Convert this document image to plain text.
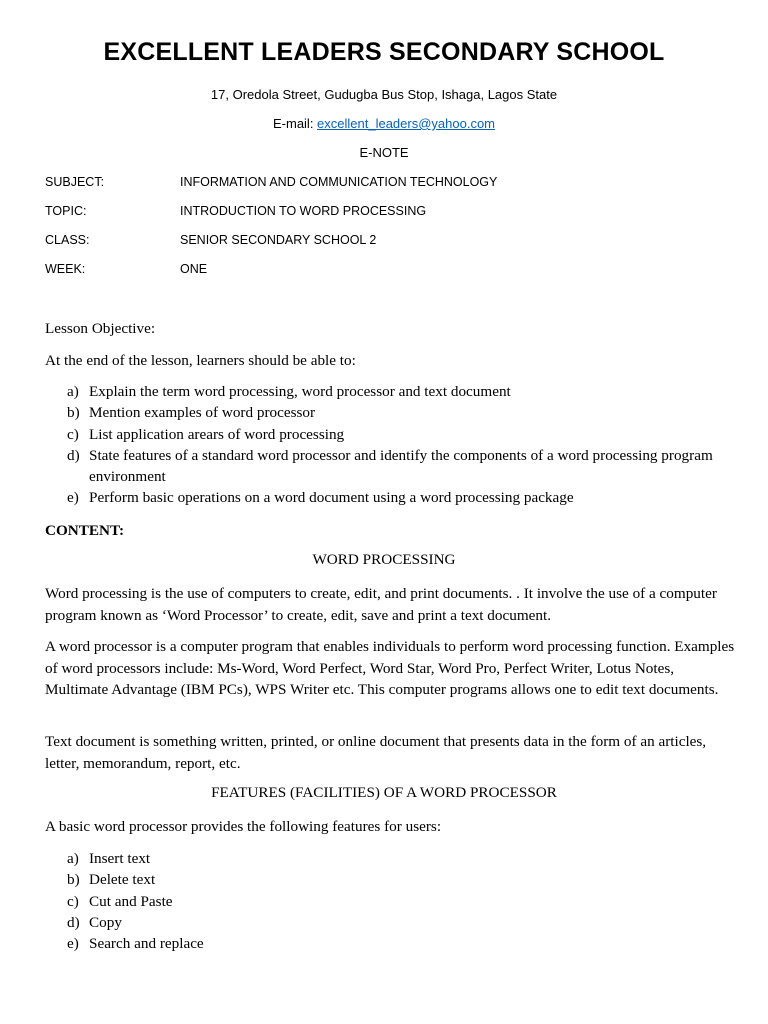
EXCELLENT LEADERS SECONDARY SCHOOL
17, Oredola Street, Gudugba Bus Stop, Ishaga, Lagos State
E-mail: excellent_leaders@yahoo.com
E-NOTE
SUBJECT:	INFORMATION AND COMMUNICATION TECHNOLOGY
TOPIC:	INTRODUCTION TO WORD PROCESSING
CLASS:	SENIOR SECONDARY SCHOOL 2
WEEK:	ONE
Lesson Objective:
At the end of the lesson, learners should be able to:
a) Explain the term word processing, word processor and text document
b) Mention examples of word processor
c) List application arears of word processing
d) State features of a standard word processor and identify the components of a word processing program environment
e) Perform basic operations on a word document using a word processing package
CONTENT:
WORD PROCESSING
Word processing is the use of computers to create, edit, and print documents. . It involve the use of a computer program known as ‘Word Processor’ to create, edit, save and print a text document.
A word processor is a computer program that enables individuals to perform word processing function. Examples of word processors include: Ms-Word, Word Perfect, Word Star, Word Pro, Perfect Writer, Lotus Notes, Multimate Advantage (IBM PCs), WPS Writer etc. This computer programs allows one to edit text documents.
Text document is something written, printed, or online document that presents data in the form of an articles, letter, memorandum, report, etc.
FEATURES (FACILITIES) OF A WORD PROCESSOR
A basic word processor provides the following features for users:
a) Insert text
b) Delete text
c) Cut and Paste
d) Copy
e) Search and replace
